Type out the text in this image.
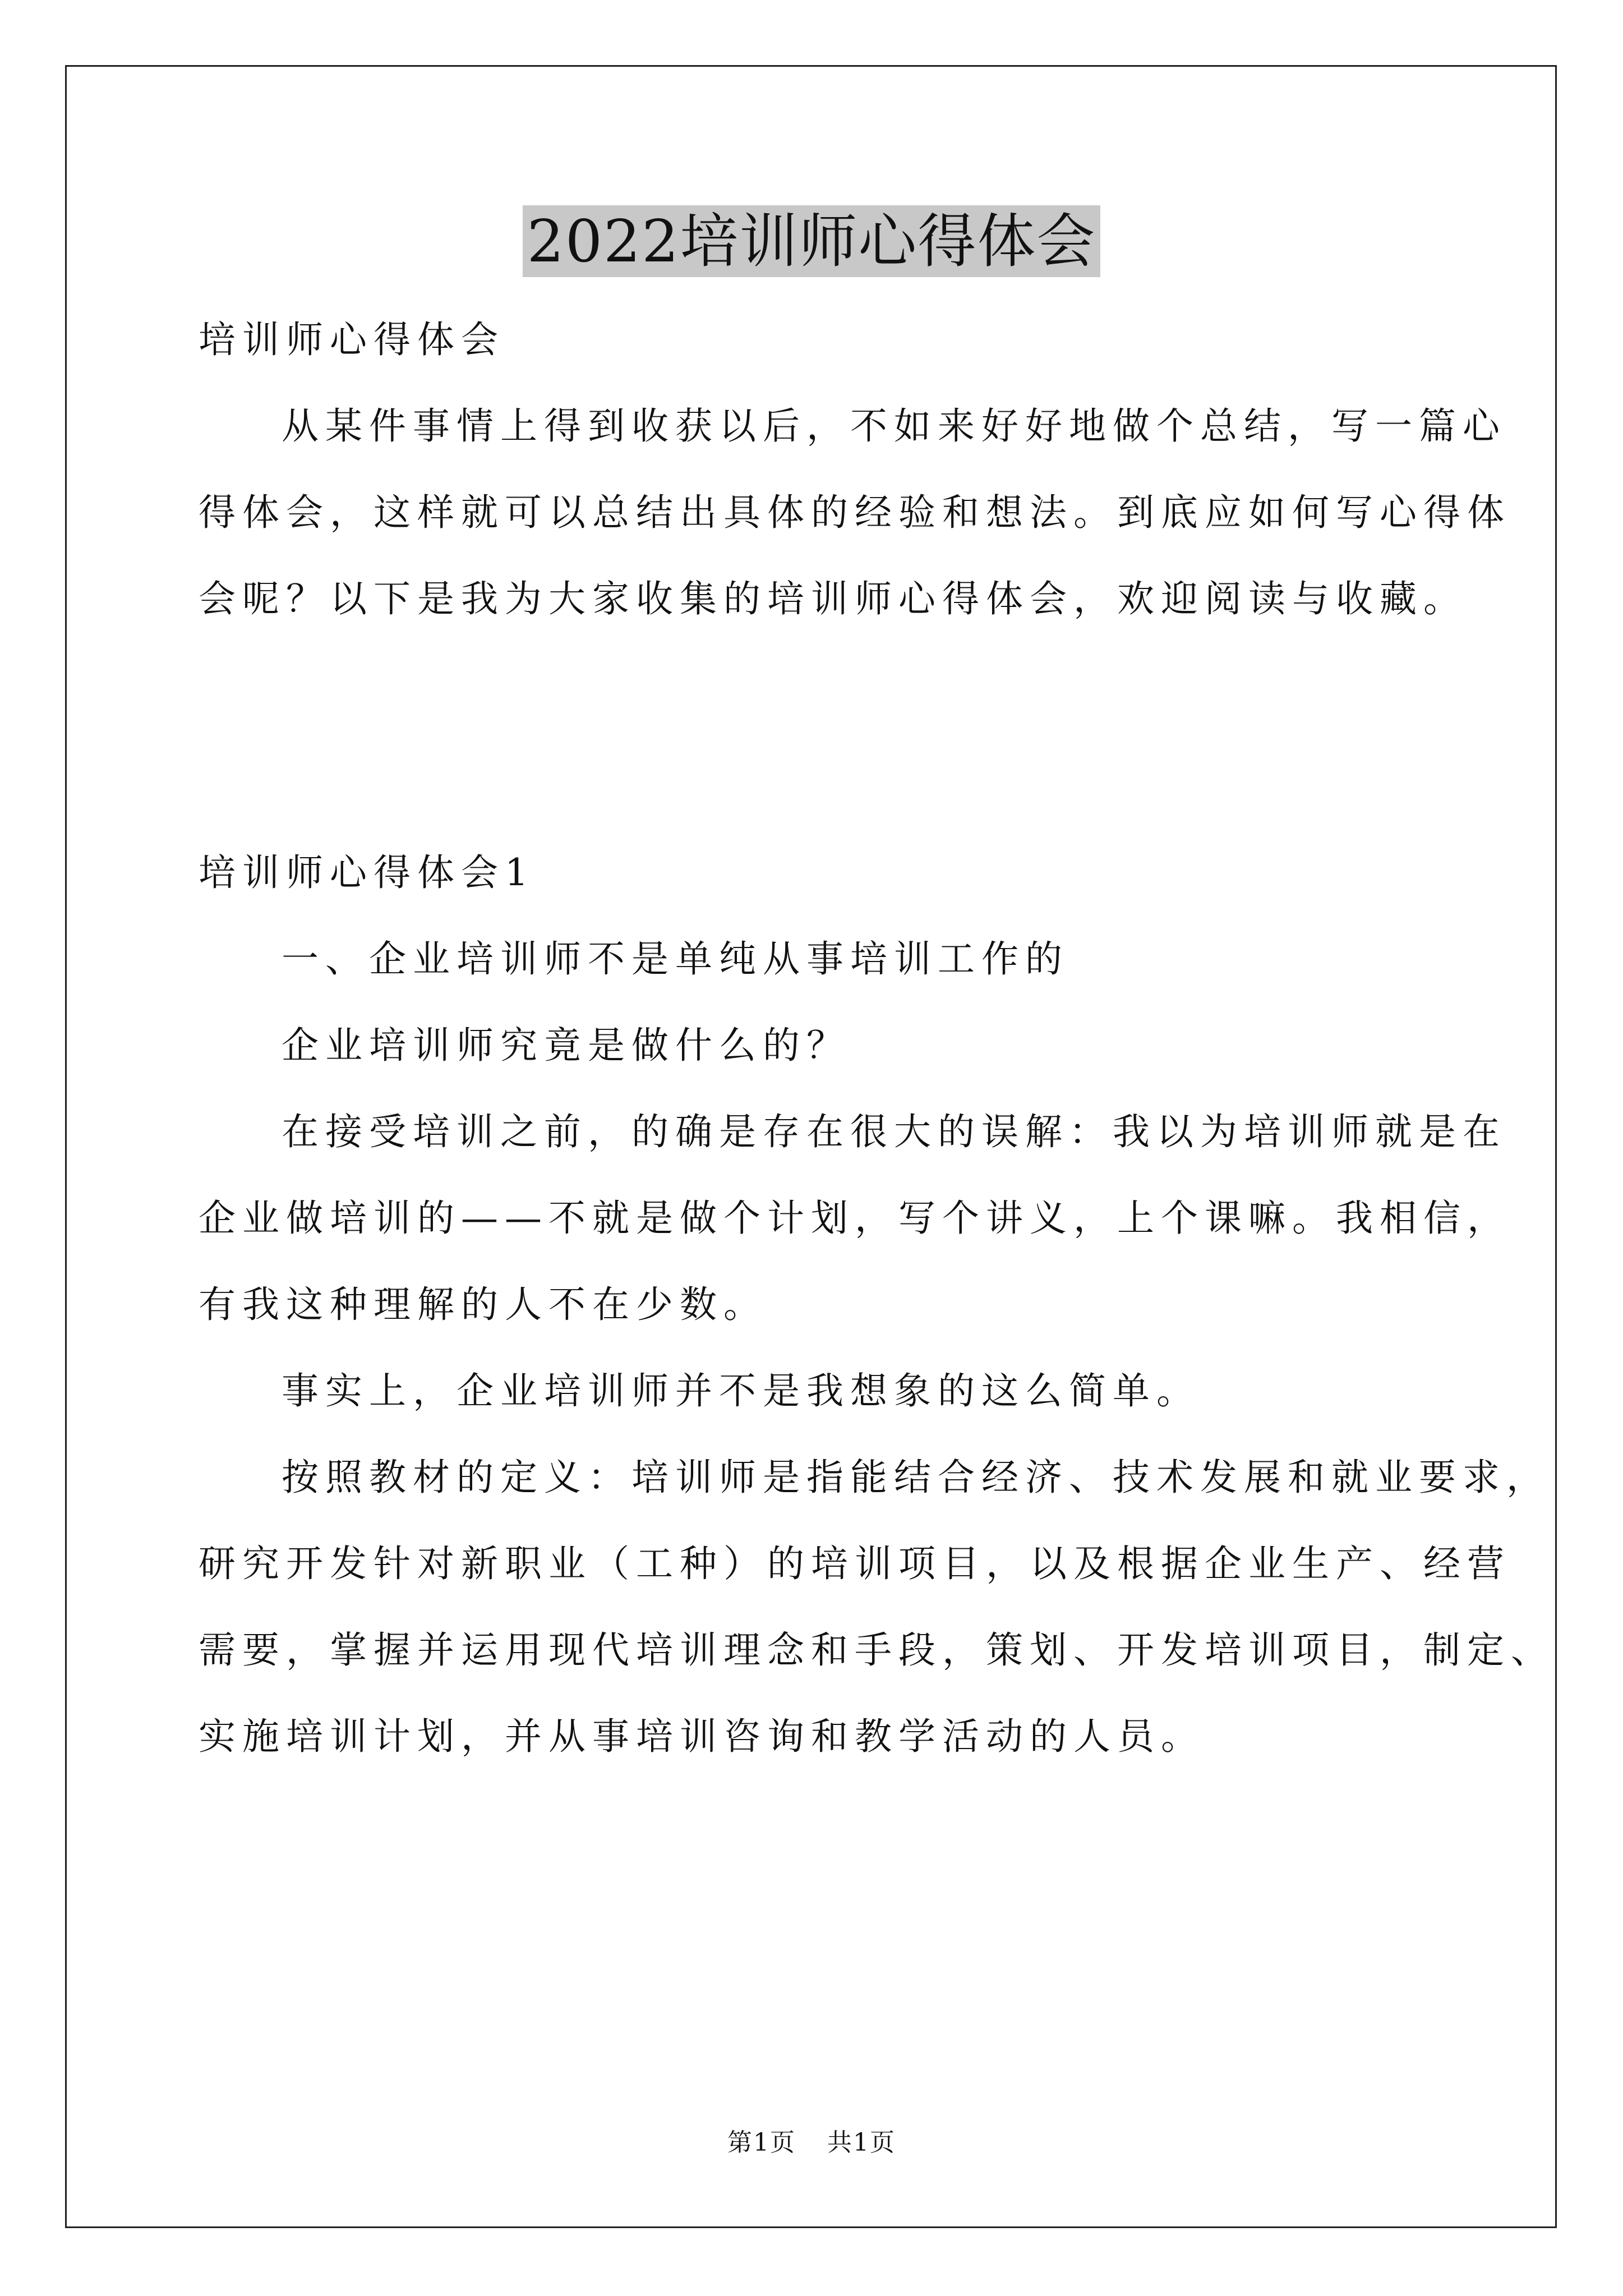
2022培训师心得体会
培训师心得体会
从某件事情上得到收获以后，不如来好好地做个总结，写一篇心
得体会，这样就可以总结出具体的经验和想法。到底应如何写心得体
会呢？以下是我为大家收集的培训师心得体会，欢迎阅读与收藏。
培训师心得体会1
一、企业培训师不是单纯从事培训工作的
企业培训师究竟是做什么的？
在接受培训之前，的确是存在很大的误解：我以为培训师就是在
企业做培训的——不就是做个计划，写个讲义，上个课嘛。我相信，
有我这种理解的人不在少数。
事实上，企业培训师并不是我想象的这么简单。
按照教材的定义：培训师是指能结合经济、技术发展和就业要求，
研究开发针对新职业（工种）的培训项目，以及根据企业生产、经营
需要，掌握并运用现代培训理念和手段，策划、开发培训项目，制定、
实施培训计划，并从事培训咨询和教学活动的人员。
第1页 共1页
